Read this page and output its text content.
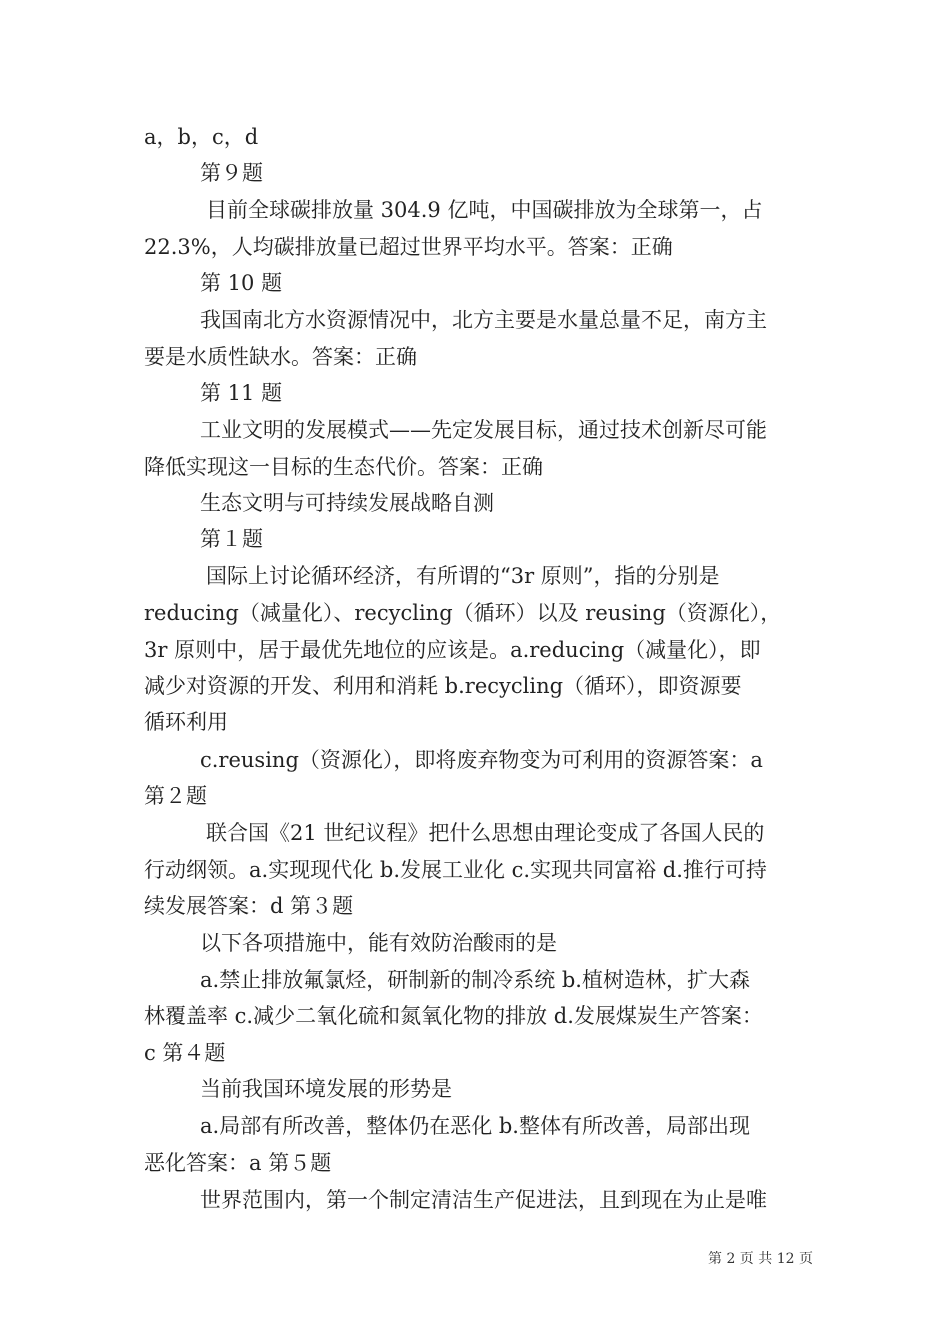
a，b，c，d
第９题
目前全球碳排放量 304.9 亿吨，中国碳排放为全球第一，占
22.3%，人均碳排放量已超过世界平均水平。答案：正确
第 10 题
我国南北方水资源情况中，北方主要是水量总量不足，南方主
要是水质性缺水。答案：正确
第 11 题
工业文明的发展模式——先定发展目标，通过技术创新尽可能
降低实现这一目标的生态代价。答案：正确
生态文明与可持续发展战略自测
第１题
国际上讨论循环经济，有所谓的“3r 原则”，指的分别是
reducing（减量化）、recycling（循环）以及 reusing（资源化），
3r 原则中，居于最优先地位的应该是。a.reducing（减量化），即
减少对资源的开发、利用和消耗 b.recycling（循环），即资源要
循环利用
c.reusing（资源化），即将废弃物变为可利用的资源答案：a
第２题
联合国《21 世纪议程》把什么思想由理论变成了各国人民的
行动纲领。a.实现现代化 b.发展工业化 c.实现共同富裕 d.推行可持
续发展答案：d 第３题
以下各项措施中，能有效防治酸雨的是
a.禁止排放氟氯烃，研制新的制冷系统 b.植树造林，扩大森
林覆盖率 c.减少二氧化硫和氮氧化物的排放 d.发展煤炭生产答案：
c 第４题
当前我国环境发展的形势是
a.局部有所改善，整体仍在恶化 b.整体有所改善，局部出现
恶化答案：a 第５题
世界范围内，第一个制定清洁生产促进法，且到现在为止是唯
第 2 页 共 12 页
